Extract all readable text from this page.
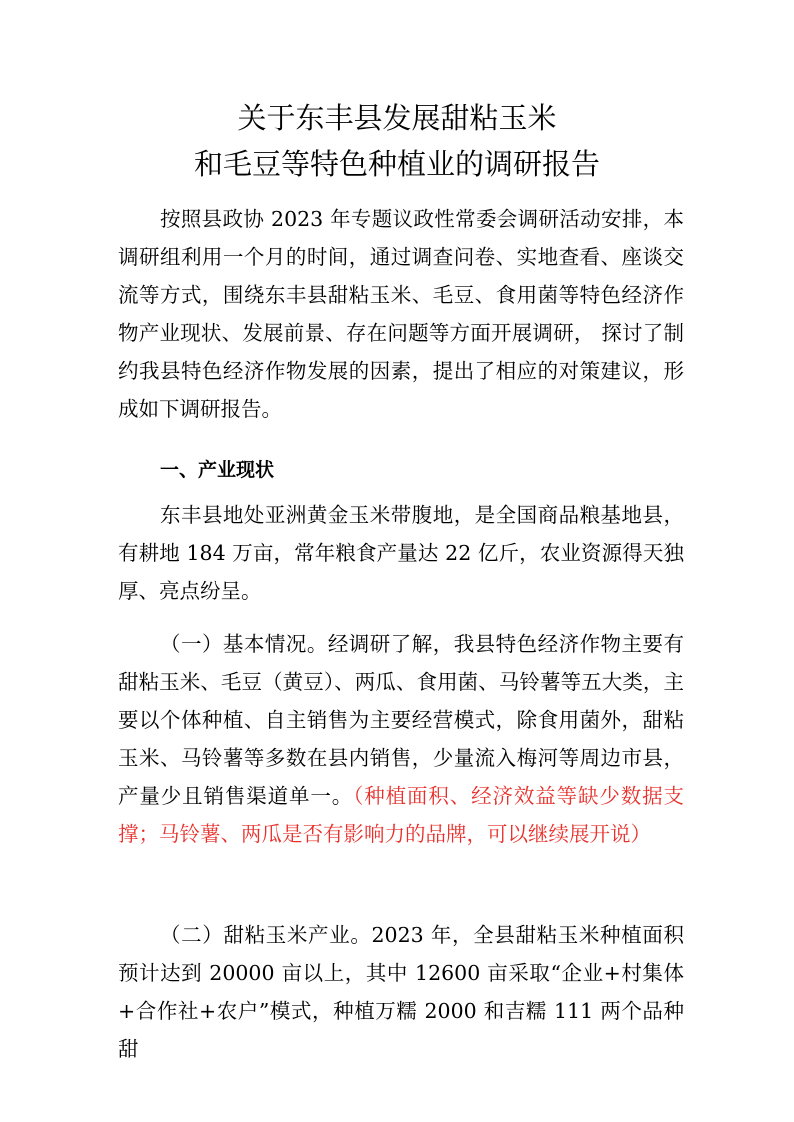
关于东丰县发展甜粘玉米
和毛豆等特色种植业的调研报告

按照县政协 2023 年专题议政性常委会调研活动安排，本调研组利用一个月的时间，通过调查问卷、实地查看、座谈交流等方式，围绕东丰县甜粘玉米、毛豆、食用菌等特色经济作物产业现状、发展前景、存在问题等方面开展调研， 探讨了制约我县特色经济作物发展的因素，提出了相应的对策建议，形成如下调研报告。

一、产业现状

东丰县地处亚洲黄金玉米带腹地，是全国商品粮基地县，有耕地 184 万亩，常年粮食产量达 22 亿斤，农业资源得天独厚、亮点纷呈。

（一）基本情况。经调研了解，我县特色经济作物主要有甜粘玉米、毛豆（黄豆）、两瓜、食用菌、马铃薯等五大类，主要以个体种植、自主销售为主要经营模式，除食用菌外，甜粘玉米、马铃薯等多数在县内销售，少量流入梅河等周边市县，产量少且销售渠道单一。（种植面积、经济效益等缺少数据支撑；马铃薯、两瓜是否有影响力的品牌，可以继续展开说）

（二）甜粘玉米产业。2023 年，全县甜粘玉米种植面积预计达到 20000 亩以上，其中 12600 亩采取“企业+村集体+合作社+农户”模式，种植万糯 2000 和吉糯 111 两个品种甜
